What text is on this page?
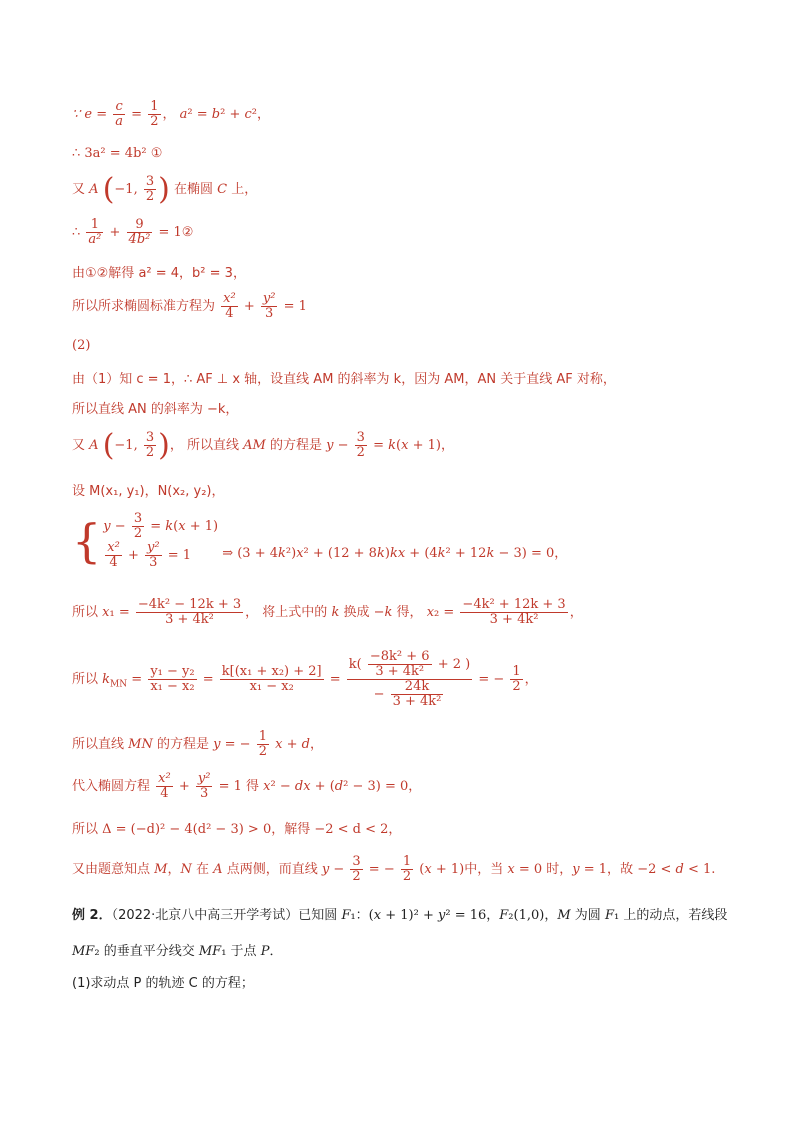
∵ $e = \frac{c}{a} = \frac{1}{2}$ ， a² = b² + c²，
∴ 3a² = 4b² ①
又 A (−1, $\frac{3}{2}$ ) 在椭圆 C 上，
∴ $\frac{1}{\text{a²}} + \frac{9}{\text{4b²}}$ = 1②
由①②解得 a² = 4，b² = 3，
所以所求椭圆标准方程为 $\frac{\text{x²}}{4} + \frac{\text{y²}}{3} = 1$
(2)
由（1）知 c = 1，∴ AF ⊥ x 轴，设直线 AM 的斜率为 k，因为 AM，AN 关于直线 AF 对称，
所以直线 AN 的斜率为 −k，
又 A (−1, $\frac{3}{2}$ )， 所以直线 AM 的方程是 $y - \frac{3}{2} = k(x + 1)$，
设 M(x₁, y₁)，N(x₂, y₂)，
{ $y - \frac{3}{2} = k(x + 1)$
$\frac{\text{x²}}{4} + \frac{\text{y²}}{3} = 1$	⇒ (3 + 4k²)x² + (12 + 8k)kx + (4k² + 12k − 3) = 0，
所以 $x_1 = \frac{\text{−4k² − 12k + 3}}{\text{3 + 4k²}}$ ， 将上式中的 k 换成 −k 得， $x_2 = \frac{\text{−4k² + 12k + 3}}{\text{3 + 4k²}}$ ，
所以 $k_{MN} = \frac{\text{y₁ − y₂}}{\text{x₁ − x₂}} = \frac{\text{k[(x₁ + x₂) + 2]}}{\text{x₁ − x₂}} = \frac{k( \frac{\text{−8k² + 6}}{\text{3 + 4k²}} + 2 )}{- \frac{24k}{\text{3 + 4k²}}}$ = − $\frac{1}{2}$ ，
所以直线 MN 的方程是 y = − $\frac{1}{2}$ x + d，
代入椭圆方程 $\frac{\text{x²}}{4} + \frac{\text{y²}}{3} = 1$ 得 x² − dx + (d² − 3) = 0，
所以 Δ = (−d)² − 4(d² − 3) > 0，解得 −2 < d < 2，
又由题意知点 M，N 在 A 点两侧，而直线 $y - \frac{3}{2}$ = − $\frac{1}{2} (x + 1)$中，当 x = 0 时，y = 1，故 −2 < d < 1.
例 2．（2022·北京八中高三开学考试）已知圆 F₁：(x + 1)² + y² = 16，F₂(1,0)，M 为圆 F₁ 上的动点，若线段
MF₂ 的垂直平分线交 MF₁ 于点 P．
(1)求动点 P 的轨迹 C 的方程；
